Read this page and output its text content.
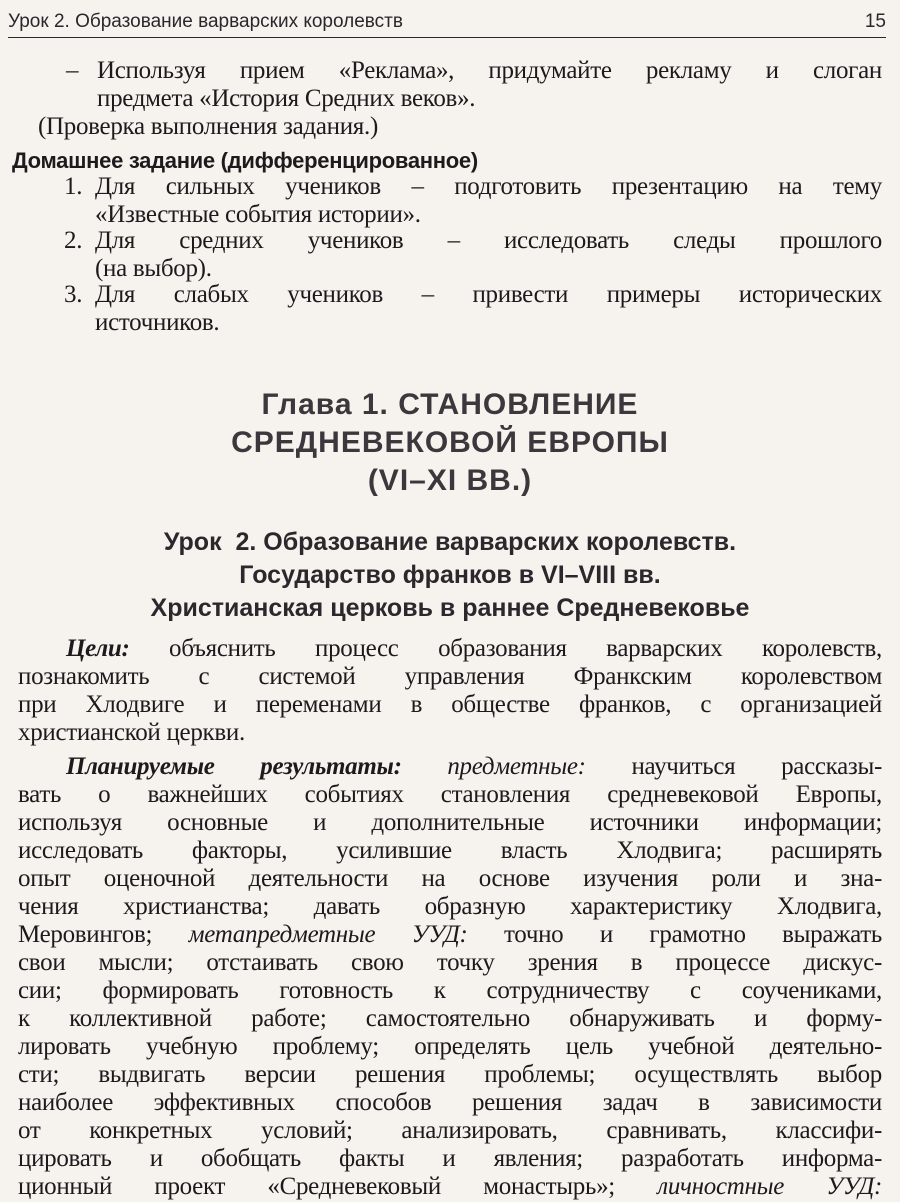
Урок 2. Образование варварских королевств	15
– Используя прием «Реклама», придумайте рекламу и слоган
предмета «История Средних веков».
(Проверка выполнения задания.)
Домашнее задание (дифференцированное)
1. Для сильных учеников – подготовить презентацию на тему
«Известные события истории».
2. Для средних учеников – исследовать следы прошлого
(на выбор).
3. Для слабых учеников – привести примеры исторических
источников.
Глава 1. СТАНОВЛЕНИЕ
СРЕДНЕВЕКОВОЙ ЕВРОПЫ
(VI–XI ВВ.)
Урок  2. Образование варварских королевств.
Государство франков в VI–VIII вв.
Христианская церковь в раннее Средневековье
Цели: объяснить процесс образования варварских королевств,
познакомить с системой управления Франкским королевством
при Хлодвиге и переменами в обществе франков, с организацией
христианской церкви.
Планируемые результаты: предметные: научиться рассказы-
вать о важнейших событиях становления средневековой Европы,
используя основные и дополнительные источники информации;
исследовать факторы, усилившие власть Хлодвига; расширять
опыт оценочной деятельности на основе изучения роли и зна-
чения христианства; давать образную характеристику Хлодвига,
Меровингов; метапредметные УУД: точно и грамотно выражать
свои мысли; отстаивать свою точку зрения в процессе дискус-
сии; формировать готовность к сотрудничеству с соучениками,
к коллективной работе; самостоятельно обнаруживать и форму-
лировать учебную проблему; определять цель учебной деятельно-
сти; выдвигать версии решения проблемы; осуществлять выбор
наиболее эффективных способов решения задач в зависимости
от конкретных условий; анализировать, сравнивать, классифи-
цировать и обобщать факты и явления; разработать информа-
ционный проект «Средневековый монастырь»; личностные УУД:
